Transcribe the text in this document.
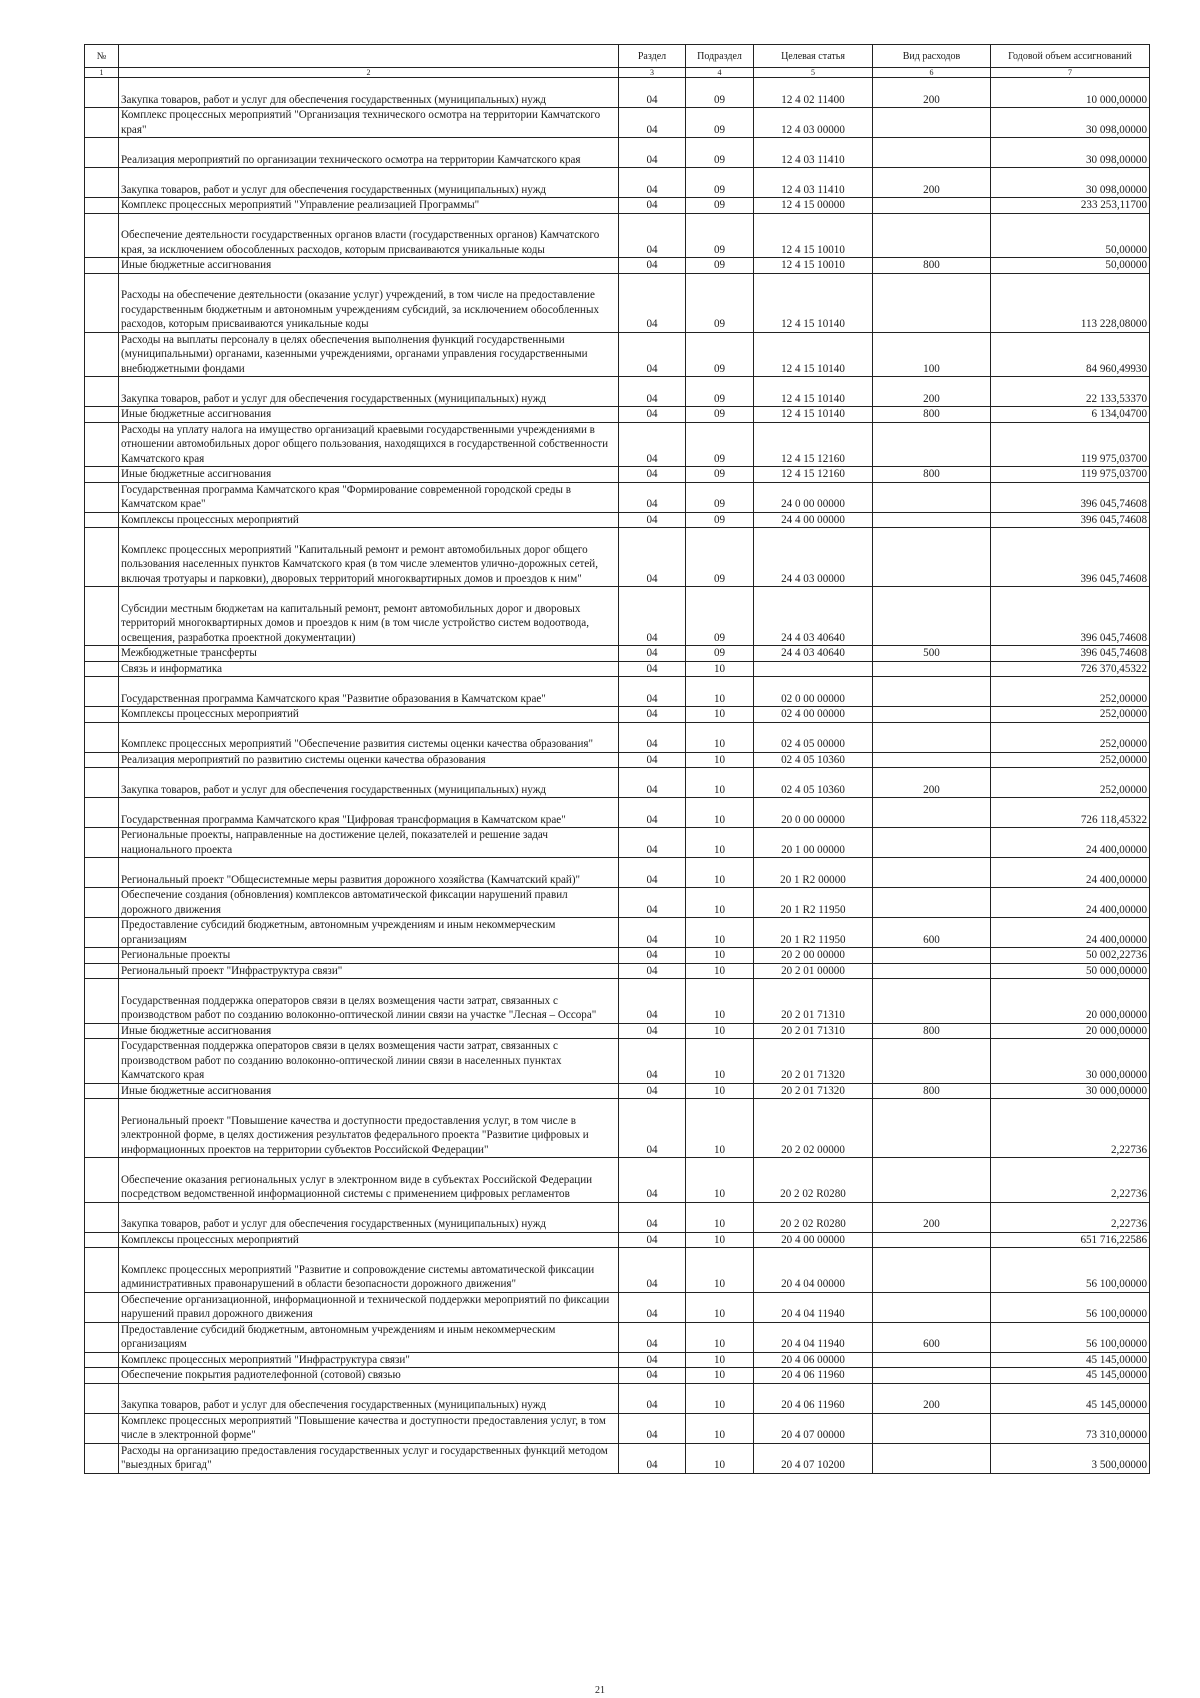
№		Раздел	Подраздел	Целевая статья	Вид расходов	Годовой объем ассигнований
1	2	3	4	5	6	7
	Закупка товаров, работ и услуг для обеспечения государственных (муниципальных) нужд	04	09	12 4 02 11400	200	10 000,00000
	Комплекс процессных мероприятий "Организация технического осмотра на территории Камчатского края"	04	09	12 4 03 00000		30 098,00000
	Реализация мероприятий по организации технического осмотра на территории Камчатского края	04	09	12 4 03 11410		30 098,00000
	Закупка товаров, работ и услуг для обеспечения государственных (муниципальных) нужд	04	09	12 4 03 11410	200	30 098,00000
	Комплекс процессных мероприятий "Управление реализацией Программы"	04	09	12 4 15 00000		233 253,11700
	Обеспечение деятельности государственных органов власти (государственных органов) Камчатского края, за исключением обособленных расходов, которым присваиваются уникальные коды	04	09	12 4 15 10010		50,00000
	Иные бюджетные ассигнования	04	09	12 4 15 10010	800	50,00000
	Расходы на обеспечение деятельности (оказание услуг) учреждений, в том числе на предоставление государственным бюджетным и автономным учреждениям субсидий, за исключением обособленных расходов, которым присваиваются уникальные коды	04	09	12 4 15 10140		113 228,08000
	Расходы на выплаты персоналу в целях обеспечения выполнения функций государственными (муниципальными) органами, казенными учреждениями, органами управления государственными внебюджетными фондами	04	09	12 4 15 10140	100	84 960,49930
	Закупка товаров, работ и услуг для обеспечения государственных (муниципальных) нужд	04	09	12 4 15 10140	200	22 133,53370
	Иные бюджетные ассигнования	04	09	12 4 15 10140	800	6 134,04700
	Расходы на уплату налога на имущество организаций краевыми государственными учреждениями в отношении автомобильных дорог общего пользования, находящихся в государственной собственности Камчатского края	04	09	12 4 15 12160		119 975,03700
	Иные бюджетные ассигнования	04	09	12 4 15 12160	800	119 975,03700
	Государственная программа Камчатского края "Формирование современной городской среды в Камчатском крае"	04	09	24 0 00 00000		396 045,74608
	Комплексы процессных мероприятий	04	09	24 4 00 00000		396 045,74608
	Комплекс процессных мероприятий "Капитальный ремонт и ремонт автомобильных дорог общего пользования населенных пунктов Камчатского края (в том числе элементов улично-дорожных сетей, включая тротуары и парковки), дворовых территорий многоквартирных домов и проездов к ним"	04	09	24 4 03 00000		396 045,74608
	Субсидии местным бюджетам на капитальный ремонт, ремонт автомобильных дорог и дворовых территорий многоквартирных домов и проездов к ним (в том числе устройство систем водоотвода, освещения, разработка проектной документации)	04	09	24 4 03 40640		396 045,74608
	Межбюджетные трансферты	04	09	24 4 03 40640	500	396 045,74608
	Связь и информатика	04	10			726 370,45322
	Государственная программа Камчатского края "Развитие образования в Камчатском крае"	04	10	02 0 00 00000		252,00000
	Комплексы процессных мероприятий	04	10	02 4 00 00000		252,00000
	Комплекс процессных мероприятий "Обеспечение развития системы оценки качества образования"	04	10	02 4 05 00000		252,00000
	Реализация мероприятий по развитию системы оценки качества образования	04	10	02 4 05 10360		252,00000
	Закупка товаров, работ и услуг для обеспечения государственных (муниципальных) нужд	04	10	02 4 05 10360	200	252,00000
	Государственная программа Камчатского края "Цифровая трансформация в Камчатском крае"	04	10	20 0 00 00000		726 118,45322
	Региональные проекты, направленные на достижение целей, показателей и решение задач национального проекта	04	10	20 1 00 00000		24 400,00000
	Региональный проект "Общесистемные меры развития дорожного хозяйства (Камчатский край)"	04	10	20 1 R2 00000		24 400,00000
	Обеспечение создания (обновления) комплексов автоматической фиксации нарушений правил дорожного движения	04	10	20 1 R2 11950		24 400,00000
	Предоставление субсидий бюджетным, автономным учреждениям и иным некоммерческим организациям	04	10	20 1 R2 11950	600	24 400,00000
	Региональные проекты	04	10	20 2 00 00000		50 002,22736
	Региональный проект "Инфраструктура связи"	04	10	20 2 01 00000		50 000,00000
	Государственная поддержка операторов связи в целях возмещения части затрат, связанных с производством работ по созданию волоконно-оптической линии связи на участке "Лесная – Оссора"	04	10	20 2 01 71310		20 000,00000
	Иные бюджетные ассигнования	04	10	20 2 01 71310	800	20 000,00000
	Государственная поддержка операторов связи в целях возмещения части затрат, связанных с производством работ по созданию волоконно-оптической линии связи в населенных пунктах Камчатского края	04	10	20 2 01 71320		30 000,00000
	Иные бюджетные ассигнования	04	10	20 2 01 71320	800	30 000,00000
	Региональный проект "Повышение качества и доступности предоставления услуг, в том числе в электронной форме, в целях достижения результатов федерального проекта "Развитие цифровых и информационных проектов на территории субъектов Российской Федерации"	04	10	20 2 02 00000		2,22736
	Обеспечение оказания региональных услуг в электронном виде в субъектах Российской Федерации посредством ведомственной информационной системы с применением цифровых регламентов	04	10	20 2 02 R0280		2,22736
	Закупка товаров, работ и услуг для обеспечения государственных (муниципальных) нужд	04	10	20 2 02 R0280	200	2,22736
	Комплексы процессных мероприятий	04	10	20 4 00 00000		651 716,22586
	Комплекс процессных мероприятий "Развитие и сопровождение системы автоматической фиксации административных правонарушений в области безопасности дорожного движения"	04	10	20 4 04 00000		56 100,00000
	Обеспечение организационной, информационной и технической поддержки мероприятий по фиксации нарушений правил дорожного движения	04	10	20 4 04 11940		56 100,00000
	Предоставление субсидий бюджетным, автономным учреждениям и иным некоммерческим организациям	04	10	20 4 04 11940	600	56 100,00000
	Комплекс процессных мероприятий "Инфраструктура связи"	04	10	20 4 06 00000		45 145,00000
	Обеспечение покрытия радиотелефонной (сотовой) связью	04	10	20 4 06 11960		45 145,00000
	Закупка товаров, работ и услуг для обеспечения государственных (муниципальных) нужд	04	10	20 4 06 11960	200	45 145,00000
	Комплекс процессных мероприятий "Повышение качества и доступности предоставления услуг, в том числе в электронной форме"	04	10	20 4 07 00000		73 310,00000
	Расходы на организацию предоставления государственных услуг и государственных функций методом "выездных бригад"	04	10	20 4 07 10200		3 500,00000
21
